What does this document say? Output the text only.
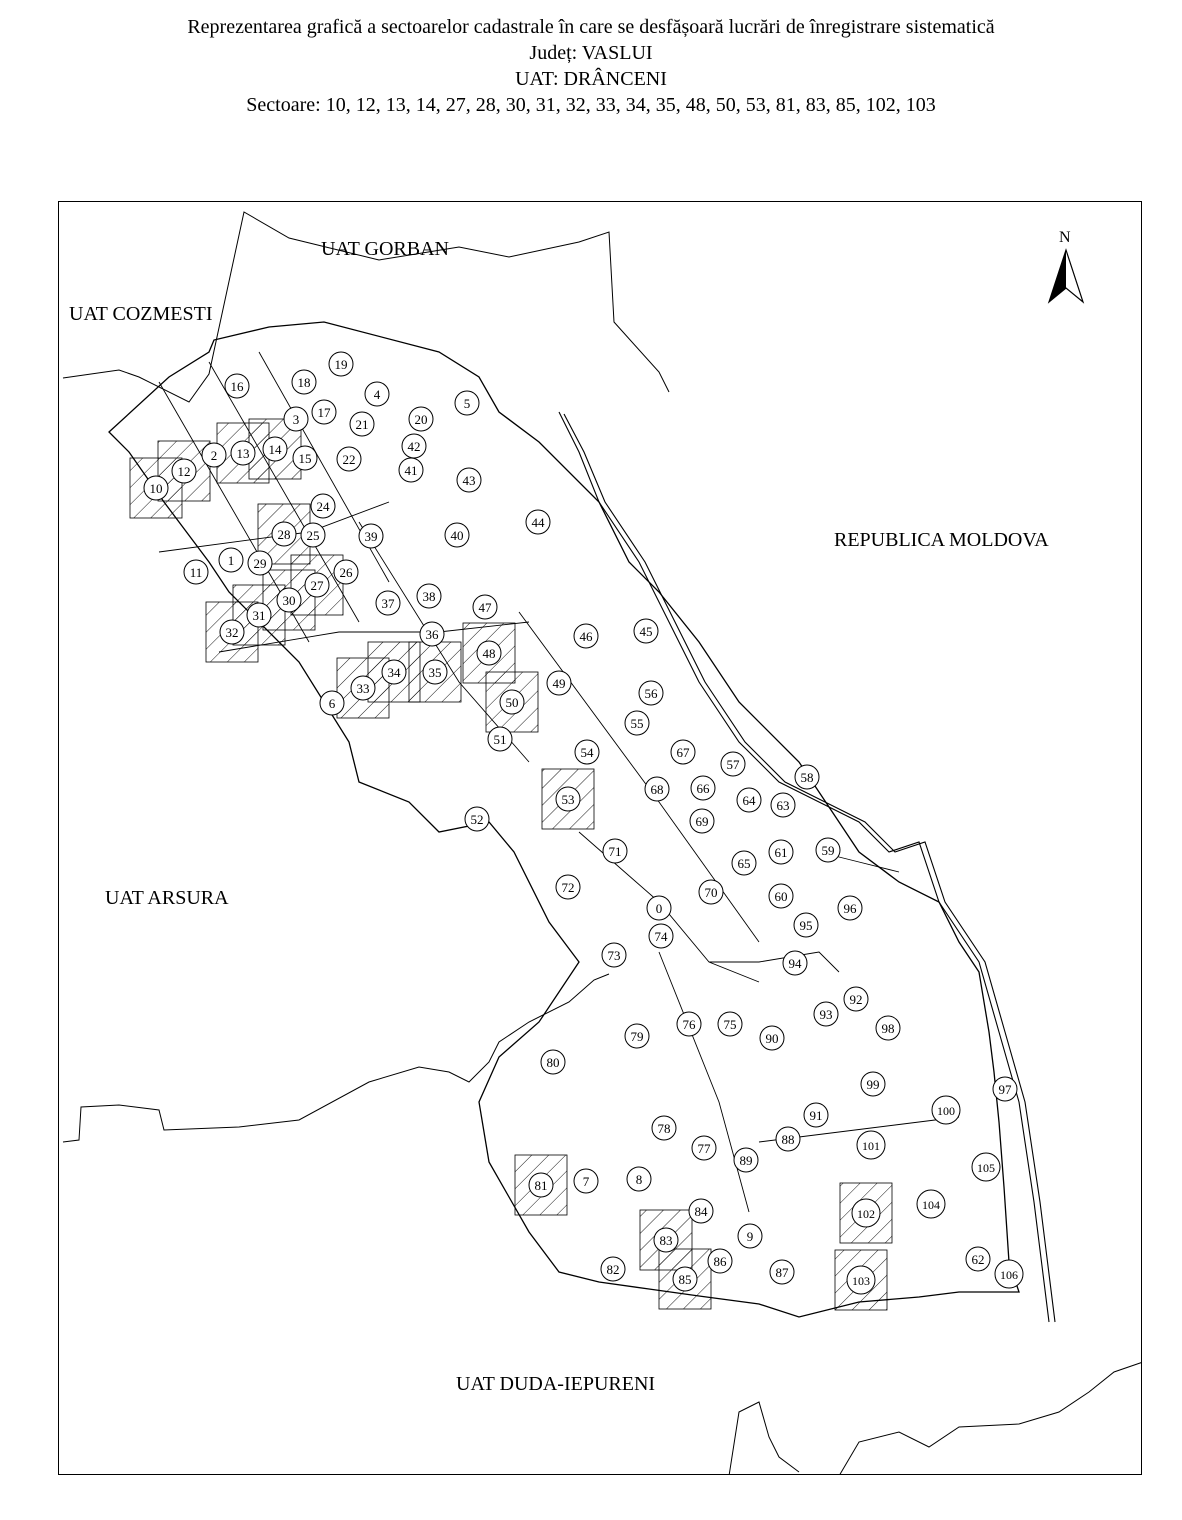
Reprezentarea grafică a sectoarelor cadastrale în care se desfășoară lucrări de înregistrare sistematică
Județ: VASLUI
UAT: DRÂNCENI
Sectoare: 10, 12, 13, 14, 27, 28, 30, 31, 32, 33, 34, 35, 48, 50, 53, 81, 83, 85, 102, 103
19
18
4
16
3 17
21	20
5
42
41
43
2 13 14
15 22
12
10
24
44
28 25	39	40
1 29
11	26
27
30	38
37	47
31
32	36	46	45
48
34
33
35
6
49
50
56
55
51
54	67
57
58
66
68
64 63
53
52	69
65
61	59
71
72	70	60
96
0
95
74
73
94
92
93
98
79
76 75
90
80
99	97
100
91
78
88
77	101
89	105
81	7	8
102
104
84
9
83
62
82
86
87	106
85	103
UAT GORBAN
UAT COZMESTI
REPUBLICA MOLDOVA
UAT ARSURA
UAT DUDA-IEPURENI
N
